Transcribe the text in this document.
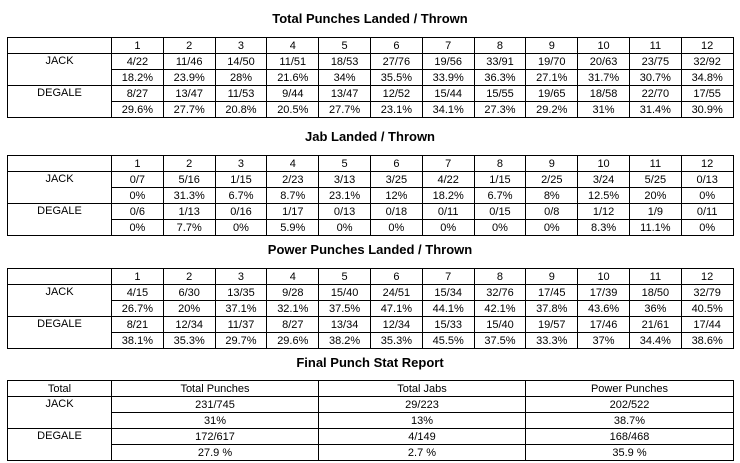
Total Punches Landed / Thrown
	1	2	3	4	5	6	7	8	9	10	11	12
JACK	4/22	11/46	14/50	11/51	18/53	27/76	19/56	33/91	19/70	20/63	23/75	32/92
	18.2%	23.9%	28%	21.6%	34%	35.5%	33.9%	36.3%	27.1%	31.7%	30.7%	34.8%
DEGALE	8/27	13/47	11/53	9/44	13/47	12/52	15/44	15/55	19/65	18/58	22/70	17/55
	29.6%	27.7%	20.8%	20.5%	27.7%	23.1%	34.1%	27.3%	29.2%	31%	31.4%	30.9%
Jab Landed / Thrown
	1	2	3	4	5	6	7	8	9	10	11	12
JACK	0/7	5/16	1/15	2/23	3/13	3/25	4/22	1/15	2/25	3/24	5/25	0/13
	0%	31.3%	6.7%	8.7%	23.1%	12%	18.2%	6.7%	8%	12.5%	20%	0%
DEGALE	0/6	1/13	0/16	1/17	0/13	0/18	0/11	0/15	0/8	1/12	1/9	0/11
	0%	7.7%	0%	5.9%	0%	0%	0%	0%	0%	8.3%	11.1%	0%
Power Punches Landed / Thrown
	1	2	3	4	5	6	7	8	9	10	11	12
JACK	4/15	6/30	13/35	9/28	15/40	24/51	15/34	32/76	17/45	17/39	18/50	32/79
	26.7%	20%	37.1%	32.1%	37.5%	47.1%	44.1%	42.1%	37.8%	43.6%	36%	40.5%
DEGALE	8/21	12/34	11/37	8/27	13/34	12/34	15/33	15/40	19/57	17/46	21/61	17/44
	38.1%	35.3%	29.7%	29.6%	38.2%	35.3%	45.5%	37.5%	33.3%	37%	34.4%	38.6%
Final Punch Stat Report
Total	Total Punches	Total Jabs	Power Punches
JACK	231/745	29/223	202/522
	31%	13%	38.7%
DEGALE	172/617	4/149	168/468
	27.9 %	2.7 %	35.9 %
